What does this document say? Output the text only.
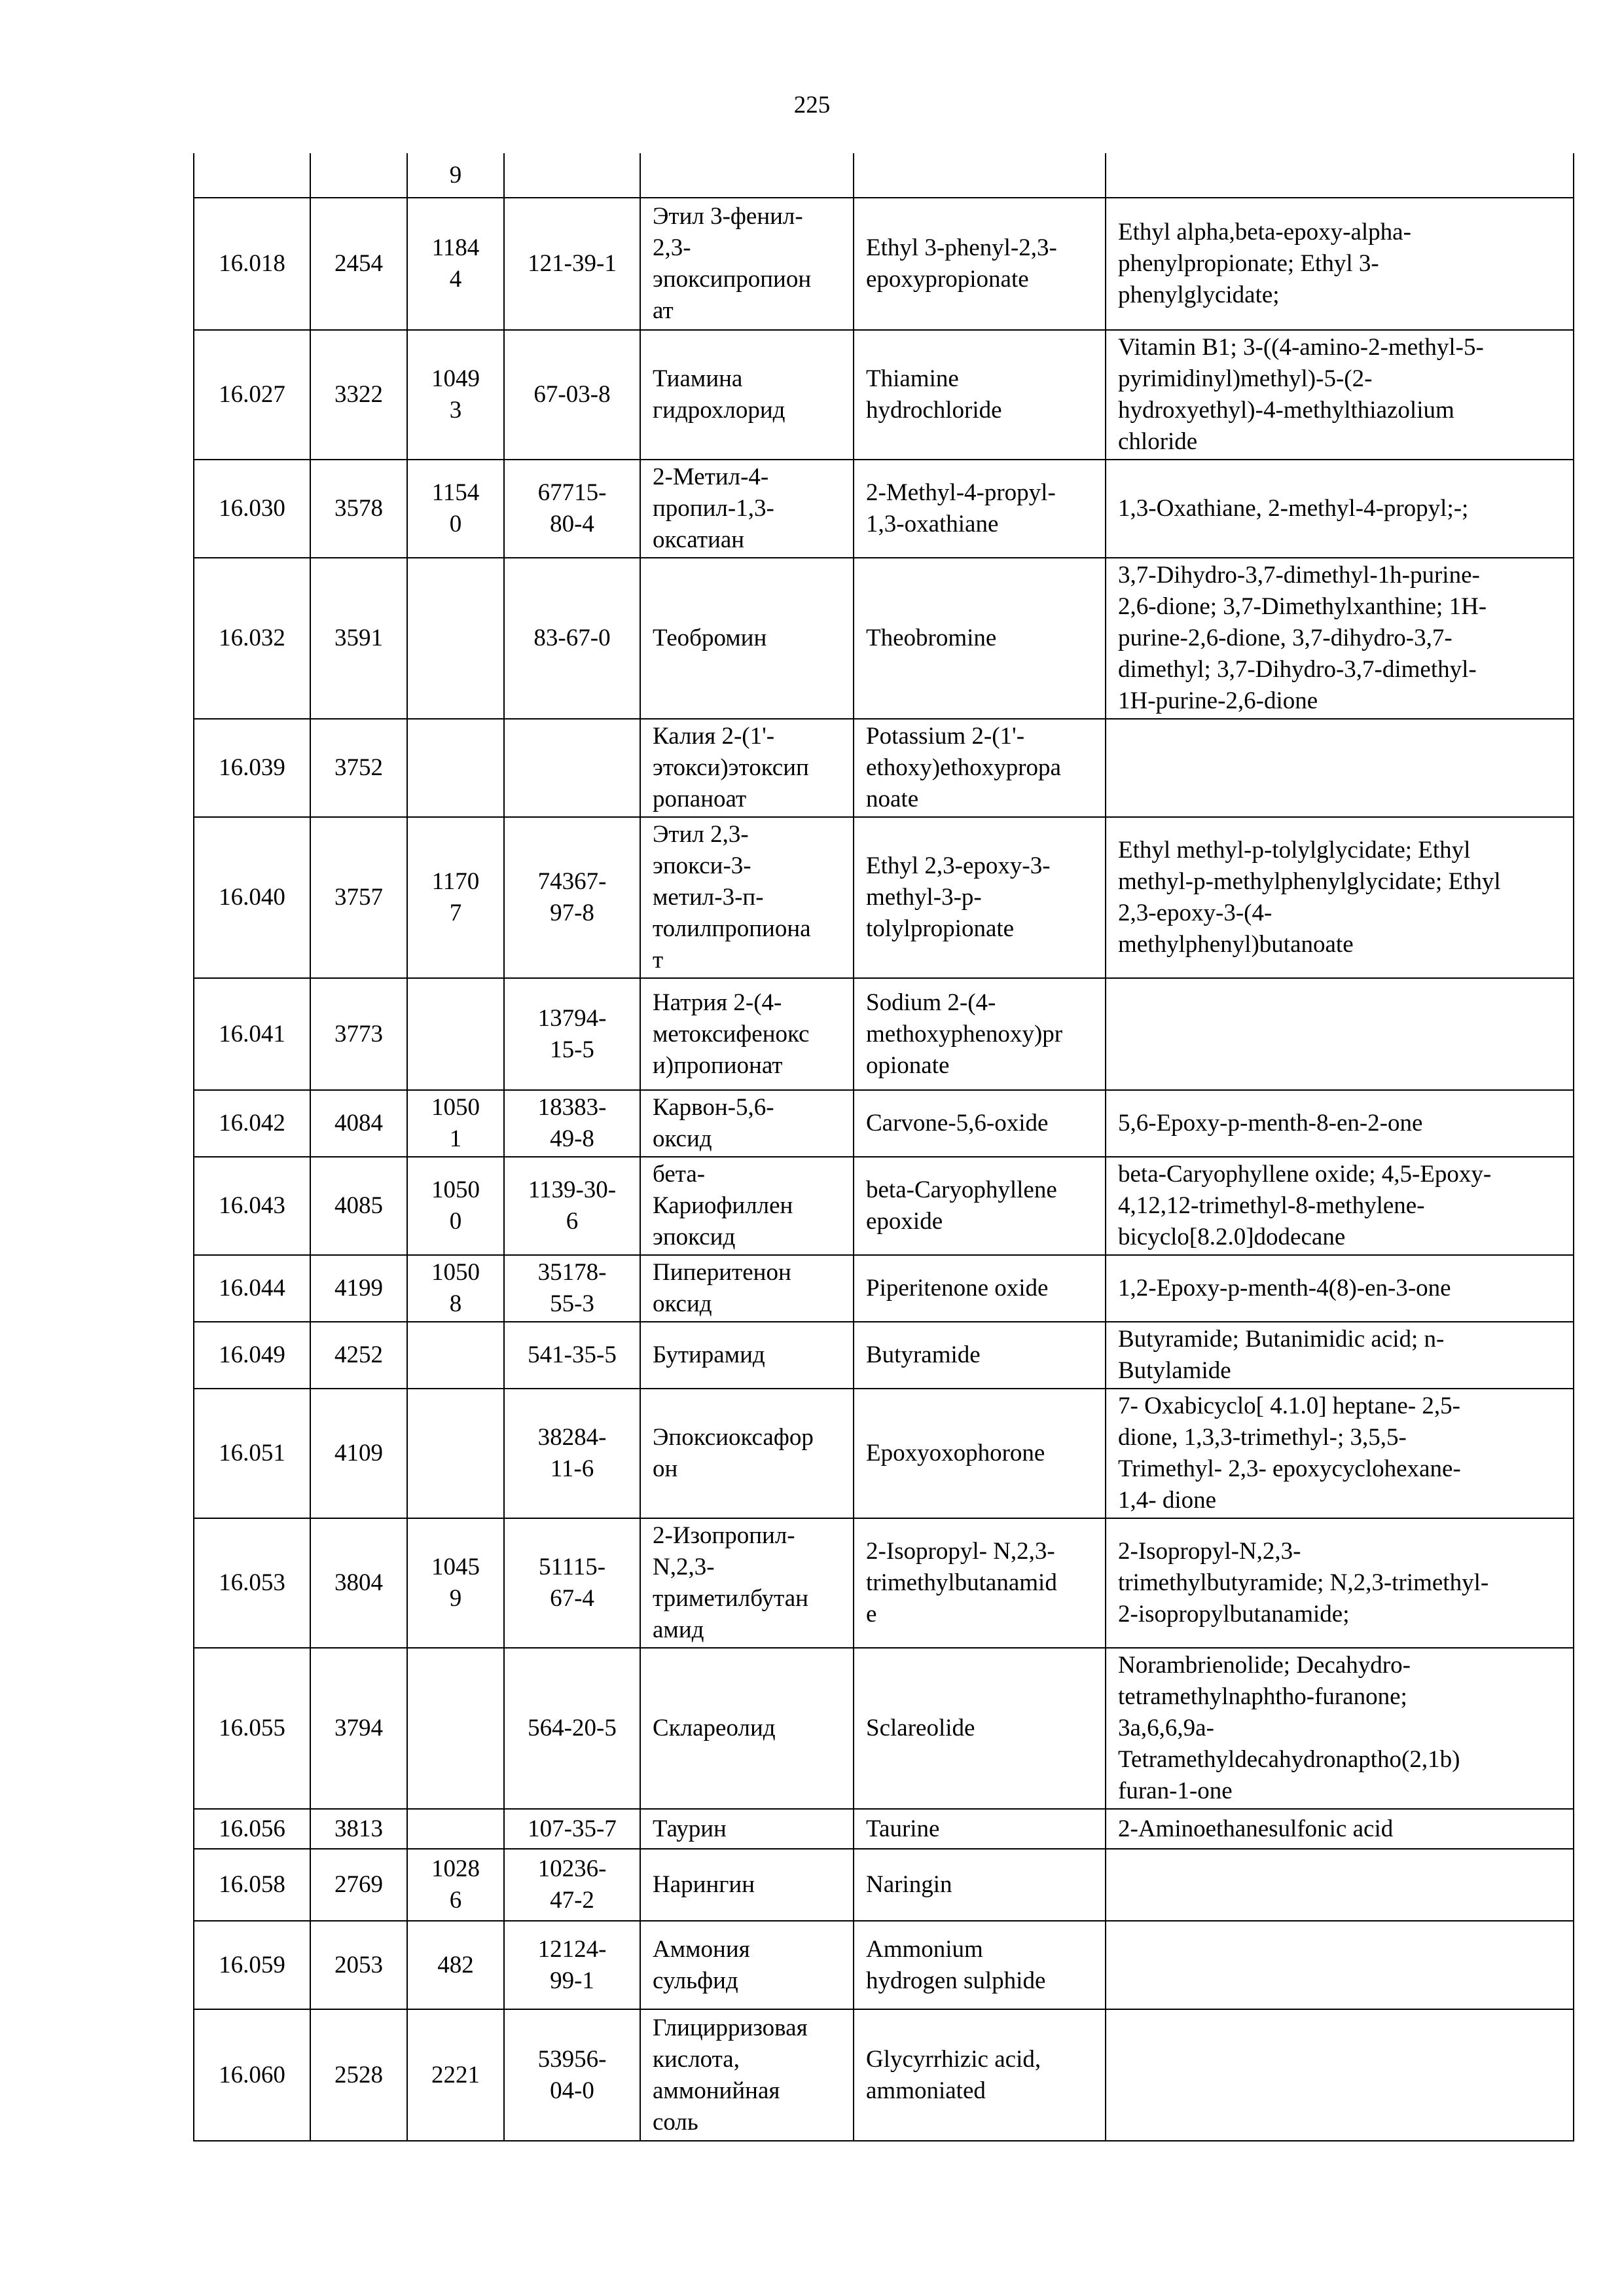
225
		9				
16.018	2454	1184
4	121-39-1	Этил 3-фенил-
2,3-
эпоксипропион
ат	Ethyl 3-phenyl-2,3-
epoxypropionate	Ethyl alpha,beta-epoxy-alpha-
phenylpropionate; Ethyl 3-
phenylglycidate;
16.027	3322	1049
3	67-03-8	Тиамина
гидрохлорид	Thiamine
hydrochloride	Vitamin B1; 3-((4-amino-2-methyl-5-
pyrimidinyl)methyl)-5-(2-
hydroxyethyl)-4-methylthiazolium
chloride
16.030	3578	1154
0	67715-
80-4	2-Метил-4-
пропил-1,3-
оксатиан	2-Methyl-4-propyl-
1,3-oxathiane	1,3-Oxathiane, 2-methyl-4-propyl;-;
16.032	3591		83-67-0	Теобромин	Theobromine	3,7-Dihydro-3,7-dimethyl-1h-purine-
2,6-dione; 3,7-Dimethylxanthine; 1H-
purine-2,6-dione, 3,7-dihydro-3,7-
dimethyl; 3,7-Dihydro-3,7-dimethyl-
1H-purine-2,6-dione
16.039	3752			Калия 2-(1'-
этокси)этоксип
ропаноат	Potassium 2-(1'-
ethoxy)ethoxypropa
noate	
16.040	3757	1170
7	74367-
97-8	Этил 2,3-
эпокси-3-
метил-3-п-
толилпропиона
т	Ethyl 2,3-epoxy-3-
methyl-3-p-
tolylpropionate	Ethyl methyl-p-tolylglycidate; Ethyl
methyl-p-methylphenylglycidate; Ethyl
2,3-epoxy-3-(4-
methylphenyl)butanoate
16.041	3773		13794-
15-5	Натрия 2-(4-
метоксифенокс
и)пропионат	Sodium 2-(4-
methoxyphenoxy)pr
opionate	
16.042	4084	1050
1	18383-
49-8	Карвон-5,6-
оксид	Carvone-5,6-oxide	5,6-Epoxy-p-menth-8-en-2-one
16.043	4085	1050
0	1139-30-
6	бета-
Кариофиллен
эпоксид	beta-Caryophyllene
epoxide	beta-Caryophyllene oxide; 4,5-Epoxy-
4,12,12-trimethyl-8-methylene-
bicyclo[8.2.0]dodecane
16.044	4199	1050
8	35178-
55-3	Пиперитенон
оксид	Piperitenone oxide	1,2-Epoxy-p-menth-4(8)-en-3-one
16.049	4252		541-35-5	Бутирамид	Butyramide	Butyramide; Butanimidic acid; n-
Butylamide
16.051	4109		38284-
11-6	Эпоксиоксафор
он	Epoxyoxophorone	7- Oxabicyclo[ 4.1.0] heptane- 2,5-
dione, 1,3,3-trimethyl-; 3,5,5-
Trimethyl- 2,3- epoxycyclohexane-
1,4- dione
16.053	3804	1045
9	51115-
67-4	2-Изопропил-
N,2,3-
триметилбутан
амид	2-Isopropyl- N,2,3-
trimethylbutanamid
e	2-Isopropyl-N,2,3-
trimethylbutyramide; N,2,3-trimethyl-
2-isopropylbutanamide;
16.055	3794		564-20-5	Склареолид	Sclareolide	Norambrienolide; Decahydro-
tetramethylnaphtho-furanone;
3a,6,6,9a-
Tetramethyldecahydronaptho(2,1b)
furan-1-one
16.056	3813		107-35-7	Таурин	Taurine	2-Aminoethanesulfonic acid
16.058	2769	1028
6	10236-
47-2	Нарингин	Naringin	
16.059	2053	482	12124-
99-1	Аммония
сульфид	Ammonium
hydrogen sulphide	
16.060	2528	2221	53956-
04-0	Глицирризовая
кислота,
аммонийная
соль	Glycyrrhizic acid,
ammoniated	
